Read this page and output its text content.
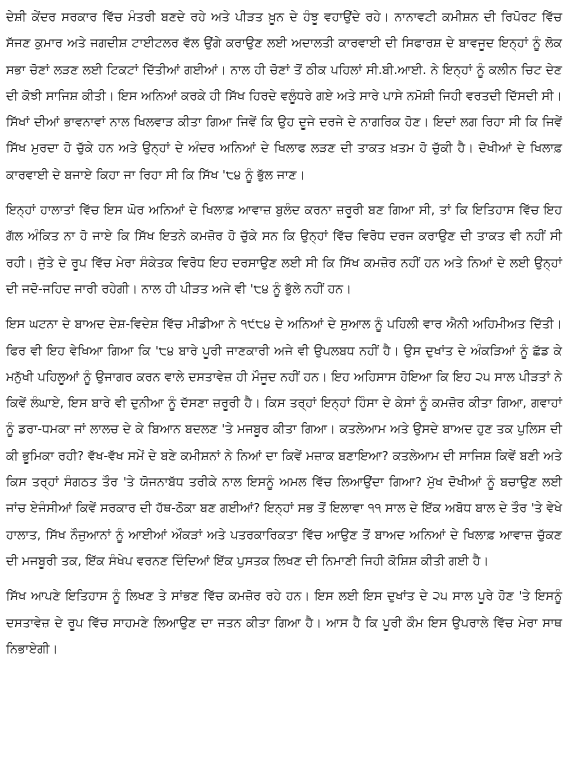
ਦੇਸ਼ੀ ਕੇਂਦਰ ਸਰਕਾਰ ਵਿੱਚ ਮੰਤਰੀ ਬਣਦੇ ਰਹੇ ਅਤੇ ਪੀੜਤ ਖ਼ੂਨ ਦੇ ਹੰਝੂ ਵਹਾਉਂਦੇ ਰਹੇ। ਨਾਨਾਵਟੀ ਕਮੀਸ਼ਨ ਦੀ ਰਿਪੋਰਟ ਵਿੱਚ ਸੱਜਣ ਕੁਮਾਰ ਅਤੇ ਜਗਦੀਸ਼ ਟਾਈਟਲਰ ਵੱਲ ਉਂਗੇ ਕਰਾਉਣ ਲਈ ਅਦਾਲਤੀ ਕਾਰਵਾਈ ਦੀ ਸਿਫਾਰਸ਼ ਦੇ ਬਾਵਜੂਦ ਇਨ੍ਹਾਂ ਨੂੰ ਲੋਕ ਸਭਾ ਚੋਣਾਂ ਲੜਣ ਲਈ ਟਿਕਟਾਂ ਦਿੱਤੀਆਂ ਗਈਆਂ। ਨਾਲ ਹੀ ਚੋਣਾਂ ਤੋਂ ਠੀਕ ਪਹਿਲਾਂ ਸੀ.ਬੀ.ਆਈ. ਨੇ ਇਨ੍ਹਾਂ ਨੂੰ ਕਲੀਨ ਚਿਟ ਦੇਣ ਦੀ ਕੋਝੀ ਸਾਜਿਸ਼ ਕੀਤੀ। ਇਸ ਅਨਿਆਂ ਕਰਕੇ ਹੀ ਸਿੱਖ ਹਿਰਦੇ ਵਲੂੰਧਰੇ ਗਏ ਅਤੇ ਸਾਰੇ ਪਾਸੇ ਨਮੋਸ਼ੀ ਜਿਹੀ ਵਰਤਦੀ ਦਿੱਸਦੀ ਸੀ। ਸਿੱਖਾਂ ਦੀਆਂ ਭਾਵਨਾਵਾਂ ਨਾਲ ਖਿਲਵਾੜ ਕੀਤਾ ਗਿਆ ਜਿਵੇਂ ਕਿ ਉਹ ਦੂਜੇ ਦਰਜੇ ਦੇ ਨਾਗਰਿਕ ਹੋਣ। ਇਦਾਂ ਲਗ ਰਿਹਾ ਸੀ ਕਿ ਜਿਵੇਂ ਸਿੱਖ ਮੁਰਦਾ ਹੋ ਚੁੱਕੇ ਹਨ ਅਤੇ ਉਨ੍ਹਾਂ ਦੇ ਅੰਦਰ ਅਨਿਆਂ ਦੇ ਖਿਲਾਫ ਲੜਣ ਦੀ ਤਾਕਤ ਖ਼ਤਮ ਹੋ ਚੁੱਕੀ ਹੈ। ਦੋਖੀਆਂ ਦੇ ਖਿਲਾਫ਼ ਕਾਰਵਾਈ ਦੇ ਬਜਾਏ ਕਿਹਾ ਜਾ ਰਿਹਾ ਸੀ ਕਿ ਸਿੱਖ '੮੪ ਨੂੰ ਭੁੱਲ ਜਾਣ।

ਇਨ੍ਹਾਂ ਹਾਲਾਤਾਂ ਵਿੱਚ ਇਸ ਘੋਰ ਅਨਿਆਂ ਦੇ ਖਿਲਾਫ਼ ਆਵਾਜ਼ ਬੁਲੰਦ ਕਰਨਾ ਜ਼ਰੂਰੀ ਬਣ ਗਿਆ ਸੀ, ਤਾਂ ਕਿ ਇਤਿਹਾਸ ਵਿੱਚ ਇਹ ਗੱਲ ਅੰਕਿਤ ਨਾ ਹੋ ਜਾਏ ਕਿ ਸਿੱਖ ਇਤਨੇ ਕਮਜ਼ੋਰ ਹੋ ਚੁੱਕੇ ਸਨ ਕਿ ਉਨ੍ਹਾਂ ਵਿੱਚ ਵਿਰੋਧ ਦਰਜ ਕਰਾਉਣ ਦੀ ਤਾਕਤ ਵੀ ਨਹੀਂ ਸੀ ਰਹੀ। ਜੁੱਤੇ ਦੇ ਰੂਪ ਵਿੱਚ ਮੇਰਾ ਸੰਕੇਤਕ ਵਿਰੋਧ ਇਹ ਦਰਸਾਉਣ ਲਈ ਸੀ ਕਿ ਸਿੱਖ ਕਮਜ਼ੋਰ ਨਹੀਂ ਹਨ ਅਤੇ ਨਿਆਂ ਦੇ ਲਈ ਉਨ੍ਹਾਂ ਦੀ ਜਦੋ-ਜਹਿਦ ਜਾਰੀ ਰਹੇਗੀ। ਨਾਲ ਹੀ ਪੀੜਤ ਅਜੇ ਵੀ '੮੪ ਨੂੰ ਭੁੱਲੇ ਨਹੀਂ ਹਨ।

ਇਸ ਘਟਨਾ ਦੇ ਬਾਅਦ ਦੇਸ਼-ਵਿਦੇਸ਼ ਵਿੱਚ ਮੀਡੀਆ ਨੇ ੧੯੮੪ ਦੇ ਅਨਿਆਂ ਦੇ ਸੁਆਲ ਨੂੰ ਪਹਿਲੀ ਵਾਰ ਐਨੀ ਅਹਿਮੀਅਤ ਦਿੱਤੀ। ਫਿਰ ਵੀ ਇਹ ਵੇਖਿਆ ਗਿਆ ਕਿ '੮੪ ਬਾਰੇ ਪੂਰੀ ਜਾਣਕਾਰੀ ਅਜੇ ਵੀ ਉਪਲਬਧ ਨਹੀਂ ਹੈ। ਉਸ ਦੁਖਾਂਤ ਦੇ ਅੰਕੜਿਆਂ ਨੂੰ ਛੱਡ ਕੇ ਮਨੁੱਖੀ ਪਹਿਲੂਆਂ ਨੂੰ ਉਜਾਗਰ ਕਰਨ ਵਾਲੇ ਦਸਤਾਵੇਜ਼ ਹੀ ਮੌਜੂਦ ਨਹੀਂ ਹਨ। ਇਹ ਅਹਿਸਾਸ ਹੋਇਆ ਕਿ ਇਹ ੨੫ ਸਾਲ ਪੀੜਤਾਂ ਨੇ ਕਿਵੇਂ ਲੰਘਾਏ, ਇਸ ਬਾਰੇ ਵੀ ਦੁਨੀਆ ਨੂੰ ਦੱਸਣਾ ਜ਼ਰੂਰੀ ਹੈ। ਕਿਸ ਤਰ੍ਹਾਂ ਇਨ੍ਹਾਂ ਹਿੰਸਾ ਦੇ ਕੇਸਾਂ ਨੂੰ ਕਮਜ਼ੋਰ ਕੀਤਾ ਗਿਆ, ਗਵਾਹਾਂ ਨੂੰ ਡਰਾ-ਧਮਕਾ ਜਾਂ ਲਾਲਚ ਦੇ ਕੇ ਬਿਆਨ ਬਦਲਣ 'ਤੇ ਮਜਬੂਰ ਕੀਤਾ ਗਿਆ। ਕਤਲੇਆਮ ਅਤੇ ਉਸਦੇ ਬਾਅਦ ਹੁਣ ਤਕ ਪੁਲਿਸ ਦੀ ਕੀ ਭੂਮਿਕਾ ਰਹੀ? ਵੱਖ-ਵੱਖ ਸਮੇਂ ਦੇ ਬਣੇ ਕਮੀਸ਼ਨਾਂ ਨੇ ਨਿਆਂ ਦਾ ਕਿਵੇਂ ਮਜ਼ਾਕ ਬਣਾਇਆ? ਕਤਲੇਆਮ ਦੀ ਸਾਜਿਸ਼ ਕਿਵੇਂ ਬਣੀ ਅਤੇ ਕਿਸ ਤਰ੍ਹਾਂ ਸੰਗਠਤ ਤੌਰ 'ਤੇ ਯੋਜਨਾਬੱਧ ਤਰੀਕੇ ਨਾਲ ਇਸਨੂੰ ਅਮਲ ਵਿੱਚ ਲਿਆਉਂਦਾ ਗਿਆ? ਮੁੱਖ ਦੋਖੀਆਂ ਨੂੰ ਬਚਾਉਣ ਲਈ ਜਾਂਚ ਏਜੰਸੀਆਂ ਕਿਵੇਂ ਸਰਕਾਰ ਦੀ ਹੱਥ-ਠੋਕਾ ਬਣ ਗਈਆਂ? ਇਨ੍ਹਾਂ ਸਭ ਤੋਂ ਇਲਾਵਾ ੧੧ ਸਾਲ ਦੇ ਇੱਕ ਅਬੋਧ ਬਾਲ ਦੇ ਤੌਰ 'ਤੇ ਵੇਖੇ ਹਾਲਾਤ, ਸਿੱਖ ਨੌਜੁਆਨਾਂ ਨੂੰ ਆਈਆਂ ਔਕੜਾਂ ਅਤੇ ਪਤਰਕਾਰਿਕਤਾ ਵਿੱਚ ਆਉਣ ਤੋਂ ਬਾਅਦ ਅਨਿਆਂ ਦੇ ਖਿਲਾਫ਼ ਆਵਾਜ਼ ਚੁੱਕਣ ਦੀ ਮਜਬੂਰੀ ਤਕ, ਇੱਕ ਸੰਖੇਪ ਵਰਨਣ ਦਿੰਦਿਆਂ ਇੱਕ ਪੁਸਤਕ ਲਿਖਣ ਦੀ ਨਿਮਾਣੀ ਜਿਹੀ ਕੋਸ਼ਿਸ਼ ਕੀਤੀ ਗਈ ਹੈ।

ਸਿੱਖ ਆਪਣੇ ਇਤਿਹਾਸ ਨੂੰ ਲਿਖਣ ਤੇ ਸਾਂਭਣ ਵਿੱਚ ਕਮਜ਼ੋਰ ਰਹੇ ਹਨ। ਇਸ ਲਈ ਇਸ ਦੁਖਾਂਤ ਦੇ ੨੫ ਸਾਲ ਪੂਰੇ ਹੋਣ 'ਤੇ ਇਸਨੂੰ ਦਸਤਾਵੇਜ਼ ਦੇ ਰੂਪ ਵਿੱਚ ਸਾਹਮਣੇ ਲਿਆਉਣ ਦਾ ਜਤਨ ਕੀਤਾ ਗਿਆ ਹੈ। ਆਸ ਹੈ ਕਿ ਪੂਰੀ ਕੌਮ ਇਸ ਉਪਰਾਲੇ ਵਿੱਚ ਮੇਰਾ ਸਾਥ ਨਿਭਾਏਗੀ।
